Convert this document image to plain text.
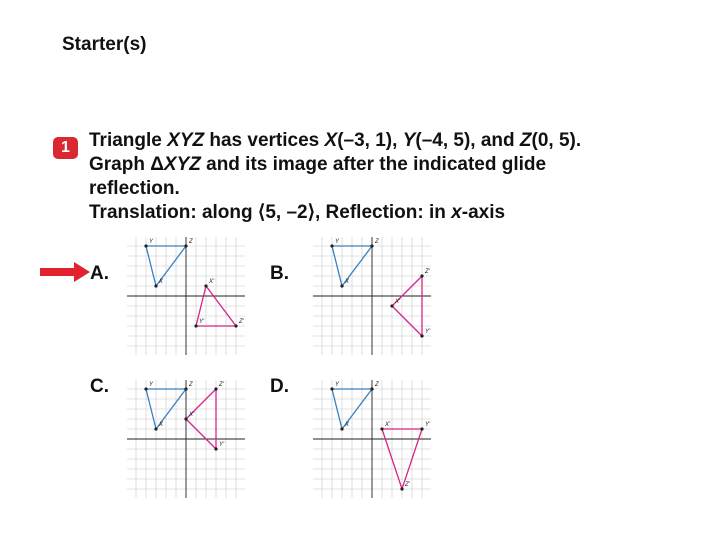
Starter(s)
1	Triangle XYZ has vertices X(–3, 1), Y(–4, 5), and Z(0, 5).
Graph ΔXYZ and its image after the indicated glide
reflection.
Translation: along ⟨5, –2⟩, Reflection: in x-axis
A.	B.
C.	D.
X
Y	Z
X'
Y'	Z'
X
Y	Z
X'
Y'
Z'
X
Y	Z
X'
Y'
Z'
X
Y	Z
X'	Y'
Z'
